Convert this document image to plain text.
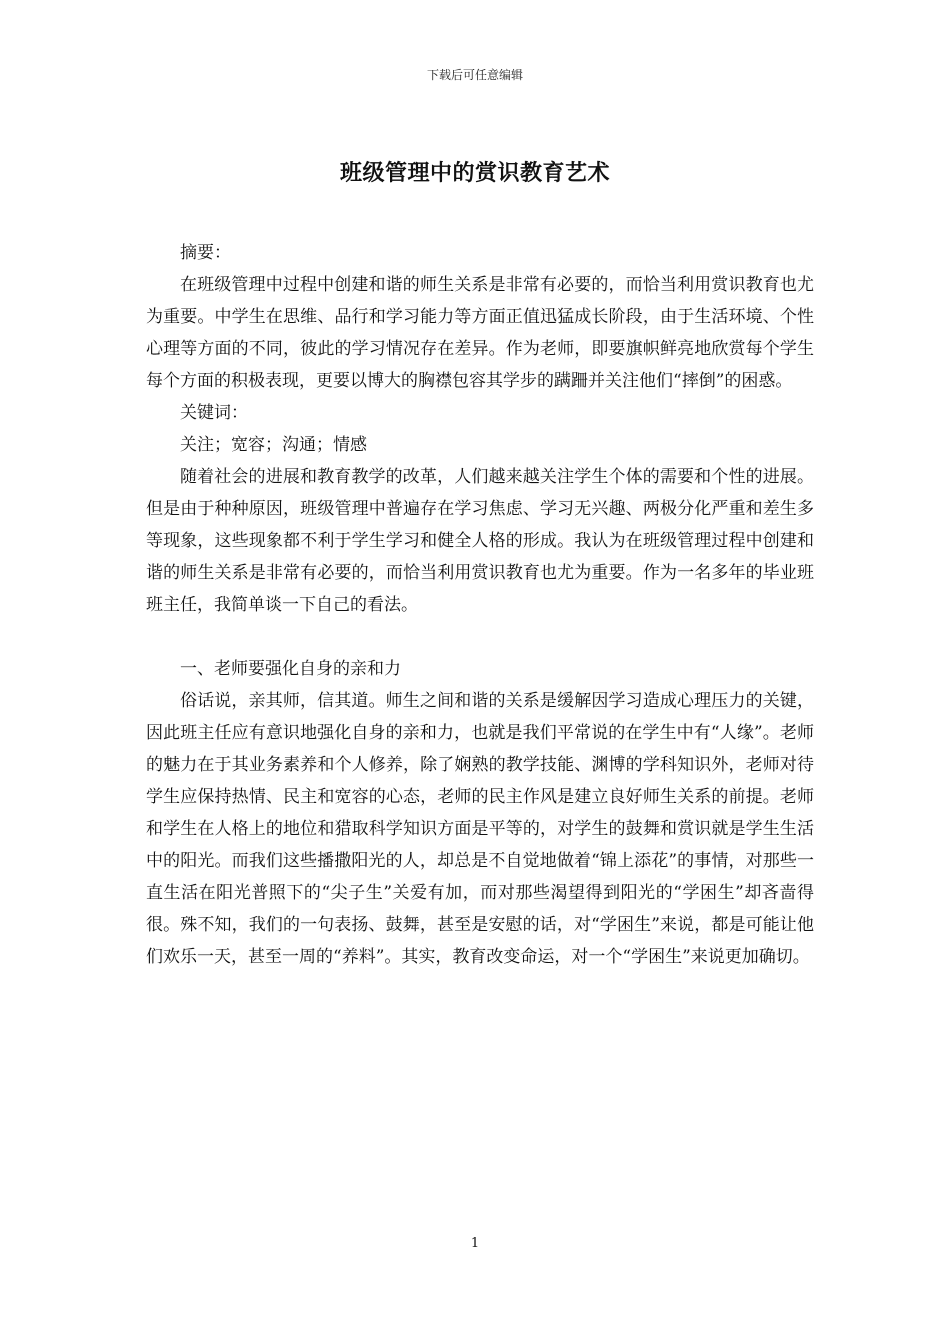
下载后可任意编辑
班级管理中的赏识教育艺术

摘要：

在班级管理中过程中创建和谐的师生关系是非常有必要的，而恰当利用赏识教育也尤为重要。中学生在思维、品行和学习能力等方面正值迅猛成长阶段，由于生活环境、个性心理等方面的不同，彼此的学习情况存在差异。作为老师，即要旗帜鲜亮地欣赏每个学生每个方面的积极表现，更要以博大的胸襟包容其学步的蹒跚并关注他们“摔倒”的困惑。

关键词：

关注；宽容；沟通；情感

随着社会的进展和教育教学的改革，人们越来越关注学生个体的需要和个性的进展。但是由于种种原因，班级管理中普遍存在学习焦虑、学习无兴趣、两极分化严重和差生多等现象，这些现象都不利于学生学习和健全人格的形成。我认为在班级管理过程中创建和谐的师生关系是非常有必要的，而恰当利用赏识教育也尤为重要。作为一名多年的毕业班班主任，我简单谈一下自己的看法。

一、老师要强化自身的亲和力

俗话说，亲其师，信其道。师生之间和谐的关系是缓解因学习造成心理压力的关键，因此班主任应有意识地强化自身的亲和力，也就是我们平常说的在学生中有“人缘”。老师的魅力在于其业务素养和个人修养，除了娴熟的教学技能、渊博的学科知识外，老师对待学生应保持热情、民主和宽容的心态，老师的民主作风是建立良好师生关系的前提。老师和学生在人格上的地位和猎取科学知识方面是平等的，对学生的鼓舞和赏识就是学生生活中的阳光。而我们这些播撒阳光的人，却总是不自觉地做着“锦上添花”的事情，对那些一直生活在阳光普照下的“尖子生”关爱有加，而对那些渴望得到阳光的“学困生”却吝啬得很。殊不知，我们的一句表扬、鼓舞，甚至是安慰的话，对“学困生”来说，都是可能让他们欢乐一天，甚至一周的“养料”。其实，教育改变命运，对一个“学困生”来说更加确切。

1
